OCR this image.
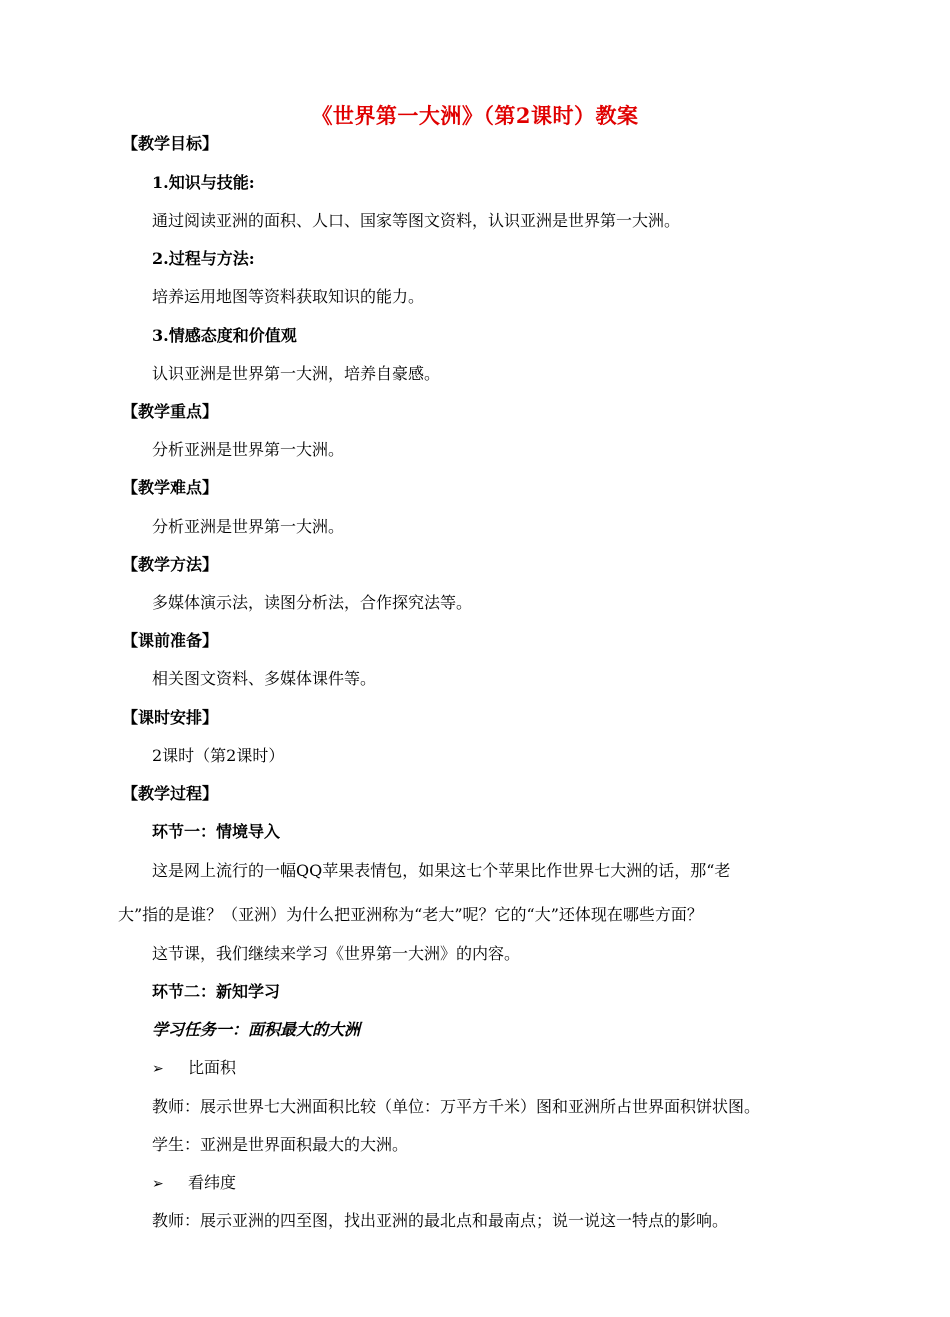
《世界第一大洲》（第2课时）教案
【教学目标】
1.知识与技能:
通过阅读亚洲的面积、人口、国家等图文资料，认识亚洲是世界第一大洲。
2.过程与方法:
培养运用地图等资料获取知识的能力。
3.情感态度和价值观
认识亚洲是世界第一大洲，培养自豪感。
【教学重点】
分析亚洲是世界第一大洲。
【教学难点】
分析亚洲是世界第一大洲。
【教学方法】
多媒体演示法，读图分析法，合作探究法等。
【课前准备】
相关图文资料、多媒体课件等。
【课时安排】
2课时（第2课时）
【教学过程】
环节一：情境导入
这是网上流行的一幅QQ苹果表情包，如果这七个苹果比作世界七大洲的话，那“老
大”指的是谁？（亚洲）为什么把亚洲称为“老大”呢？它的“大”还体现在哪些方面？
这节课，我们继续来学习《世界第一大洲》的内容。
环节二：新知学习
学习任务一：面积最大的大洲
➢ 比面积
教师：展示世界七大洲面积比较（单位：万平方千米）图和亚洲所占世界面积饼状图。
学生：亚洲是世界面积最大的大洲。
➢ 看纬度
教师：展示亚洲的四至图，找出亚洲的最北点和最南点；说一说这一特点的影响。
